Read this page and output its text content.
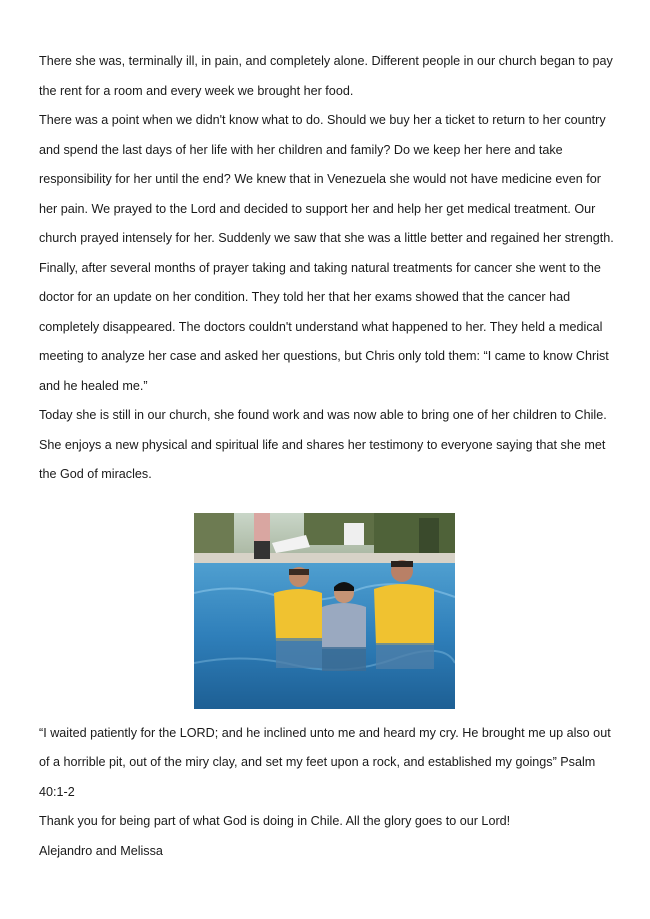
There she was, terminally ill, in pain, and completely alone. Different people in our church began to pay the rent for a room and every week we brought her food.

There was a point when we didn't know what to do. Should we buy her a ticket to return to her country and spend the last days of her life with her children and family? Do we keep her here and take responsibility for her until the end? We knew that in Venezuela she would not have medicine even for her pain. We prayed to the Lord and decided to support her and help her get medical treatment. Our church prayed intensely for her. Suddenly we saw that she was a little better and regained her strength. Finally, after several months of prayer taking and taking natural treatments for cancer she went to the doctor for an update on her condition. They told her that her exams showed that the cancer had completely disappeared. The doctors couldn't understand what happened to her. They held a medical meeting to analyze her case and asked her questions, but Chris only told them: “I came to know Christ and he healed me.”

Today she is still in our church, she found work and was now able to bring one of her children to Chile. She enjoys a new physical and spiritual life and shares her testimony to everyone saying that she met the God of miracles.

“I waited patiently for the LORD; and he inclined unto me and heard my cry. He brought me up also out of a horrible pit, out of the miry clay, and set my feet upon a rock, and established my goings” Psalm 40:1-2

Thank you for being part of what God is doing in Chile. All the glory goes to our Lord!

Alejandro and Melissa
